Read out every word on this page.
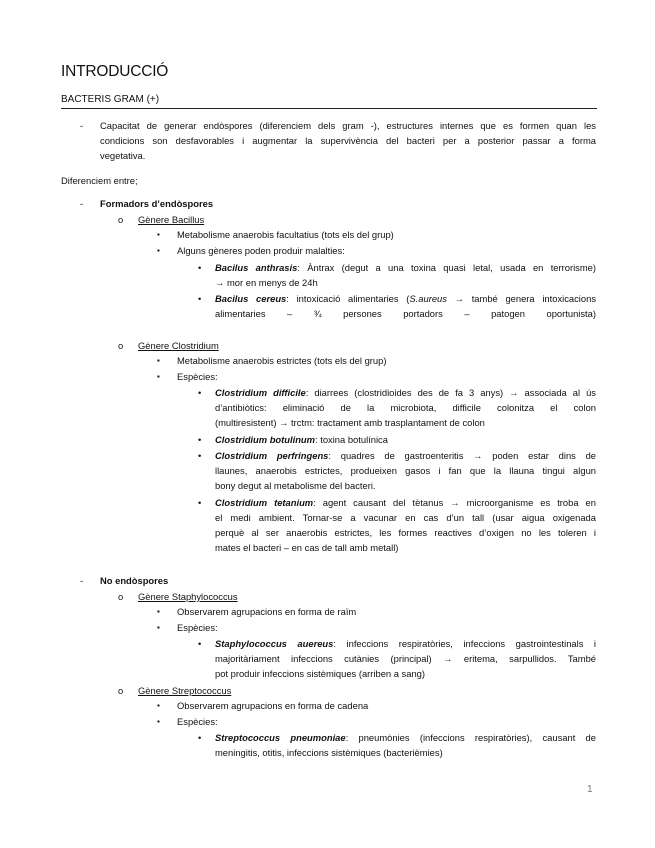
INTRODUCCIÓ
BACTERIS GRAM (+)
- Capacitat de generar endòspores (diferenciem dels gram -), estructures internes que es formen quan les
condicions son desfavorables i augmentar la supervivència del bacteri per a posterior passar a forma
vegetativa.
Diferenciem entre;
- Formadors d’endòspores
o Gènere Bacillus
▪ Metabolisme anaerobis facultatius (tots els del grup)
▪ Alguns gèneres poden produir malalties:
• Bacilus anthrasis: Àntrax (degut a una toxina quasi letal, usada en terrorisme)
→ mor en menys de 24h
• Bacilus cereus: intoxicació alimentaries (S.aureus → també genera intoxicacions
alimentaries – ¾ persones portadors – patogen oportunista)
o Gènere Clostridium
▪ Metabolisme anaerobis estrictes (tots els del grup)
▪ Espècies:
• Clostridium difficile: diarrees (clostridioides des de fa 3 anys) → associada al ús
d’antibiòtics: eliminació de la microbiota, difficile colonitza el colon
(multiresistent) → trctm: tractament amb trasplantament de colon
• Clostridium botulinum: toxina botulínica
• Clostridium perfringens: quadres de gastroenteritis → poden estar dins de
llaunes, anaerobis estrictes, produeixen gasos i fan que la llauna tingui algun
bony degut al metabolisme del bacteri.
• Clostridium tetanium: agent causant del tètanus → microorganisme es troba en
el medi ambient. Tornar-se a vacunar en cas d’un tall (usar aigua oxigenada
perquè al ser anaerobis estrictes, les formes reactives d’oxigen no les toleren i
mates el bacteri – en cas de tall amb metall)
- No endòspores
o Gènere Staphylococcus
▪ Observarem agrupacions en forma de raïm
▪ Espècies:
• Staphylococcus auereus: infeccions respiratòries, infeccions gastrointestinals i
majoritàriament infeccions cutànies (principal) → eritema, sarpullidos. També
pot produir infeccions sistèmiques (arriben a sang)
o Gènere Streptococcus
▪ Observarem agrupacions en forma de cadena
▪ Espècies:
• Streptococcus pneumoniae: pneumònies (infeccions respiratòries), causant de
meningitis, otitis, infeccions sistèmiques (bacterièmies)
1
